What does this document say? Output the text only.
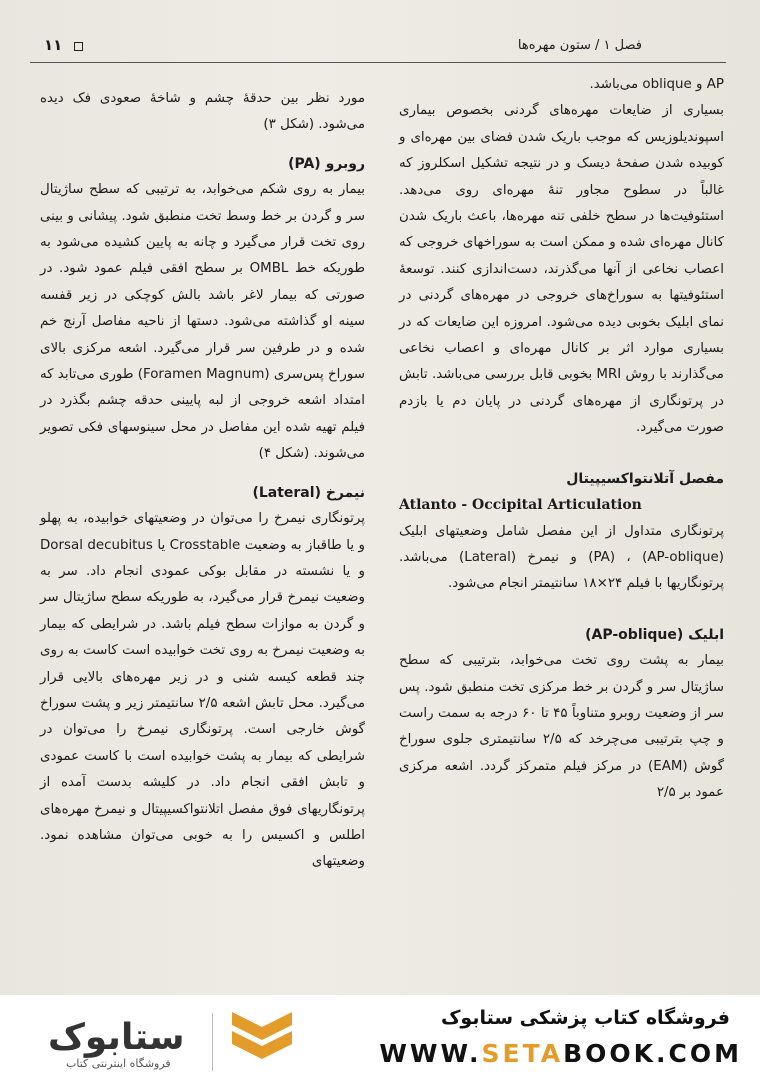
۱۱	فصل ۱ / ستون مهره‌ها

AP و oblique می‌باشد.

بسیاری از ضایعات مهره‌های گردنی بخصوص بیماری اسپوندیلوزیس که موجب باریک شدن فضای بین مهره‌ای و کوبیده شدن صفحهٔ دیسک و در نتیجه تشکیل اسکلروز که غالباً در سطوح مجاور تنهٔ مهره‌ای روی می‌دهد. استئوفیت‌ها در سطح خلفی تنه مهره‌ها، باعث باریک شدن کانال مهره‌ای شده و ممکن است به سوراخهای خروجی که اعصاب نخاعی از آنها می‌گذرند، دست‌اندازی کنند. توسعهٔ استئوفیتها به سوراخ‌های خروجی در مهره‌های گردنی در نمای ابلیک بخوبی دیده می‌شود. امروزه این ضایعات که در بسیاری موارد اثر بر کانال مهره‌ای و اعصاب نخاعی می‌گذارند با روش MRI بخوبی قابل بررسی می‌باشد. تابش در پرتونگاری از مهره‌های گردنی در پایان دم یا بازدم صورت می‌گیرد.

مفصل آتلانتواکسیپیتال

Atlanto - Occipital Articulation

پرتونگاری متداول از این مفصل شامل وضعیتهای ابلیک (AP-oblique) ، (PA) و نیمرخ (Lateral) می‌باشد. پرتونگاریها با فیلم ۲۴×۱۸ سانتیمتر انجام می‌شود.

ابلیک (AP-oblique)

بیمار به پشت روی تخت می‌خوابد، بترتیبی که سطح ساژیتال سر و گردن بر خط مرکزی تخت منطبق شود. پس سر از وضعیت روبرو متناوباً ۴۵ تا ۶۰ درجه به سمت راست و چپ بترتیبی می‌چرخد که ۲/۵ سانتیمتری جلوی سوراخ گوش (EAM) در مرکز فیلم متمرکز گردد. اشعه مرکزی عمود بر ۲/۵

مورد نظر بین حدقهٔ چشم و شاخهٔ صعودی فک دیده می‌شود. (شکل ۳)

روبرو (PA)

بیمار به روی شکم می‌خوابد، به ترتیبی که سطح ساژیتال سر و گردن بر خط وسط تخت منطبق شود. پیشانی و بینی روی تخت قرار می‌گیرد و چانه به پایین کشیده می‌شود به طوریکه خط OMBL بر سطح افقی فیلم عمود شود. در صورتی که بیمار لاغر باشد بالش کوچکی در زیر قفسه سینه او گذاشته می‌شود. دستها از ناحیه مفاصل آرنج خم شده و در طرفین سر قرار می‌گیرد. اشعه مرکزی بالای سوراخ پس‌سری (Foramen Magnum) طوری می‌تابد که امتداد اشعه خروجی از لبه پایینی حدقه چشم بگذرد در فیلم تهیه شده این مفاصل در محل سینوسهای فکی تصویر می‌شوند. (شکل ۴)

نیمرخ (Lateral)

پرتونگاری نیمرخ را می‌توان در وضعیتهای خوابیده، به پهلو و یا طاقباز به وضعیت Crosstable یا Dorsal decubitus و یا نشسته در مقابل بوکی عمودی انجام داد. سر به وضعیت نیمرخ قرار می‌گیرد، به طوریکه سطح ساژیتال سر و گردن به موازات سطح فیلم باشد. در شرایطی که بیمار به وضعیت نیمرخ به روی تخت خوابیده است کاست به روی چند قطعه کیسه شنی و در زیر مهره‌های بالایی قرار می‌گیرد. محل تابش اشعه ۲/۵ سانتیمتر زیر و پشت سوراخ گوش خارجی است. پرتونگاری نیمرخ را می‌توان در شرایطی که بیمار به پشت خوابیده است با کاست عمودی و تابش افقی انجام داد. در کلیشه بدست آمده از پرتونگاریهای فوق مفصل اتلانتواکسیپیتال و نیمرخ مهره‌های اطلس و اکسیس را به خوبی می‌توان مشاهده نمود. وضعیتهای

ستابوک
فروشگاه اینترنتی کتاب
فروشگاه کتاب پزشکی ستابوک
WWW.SETABOOK.COM
